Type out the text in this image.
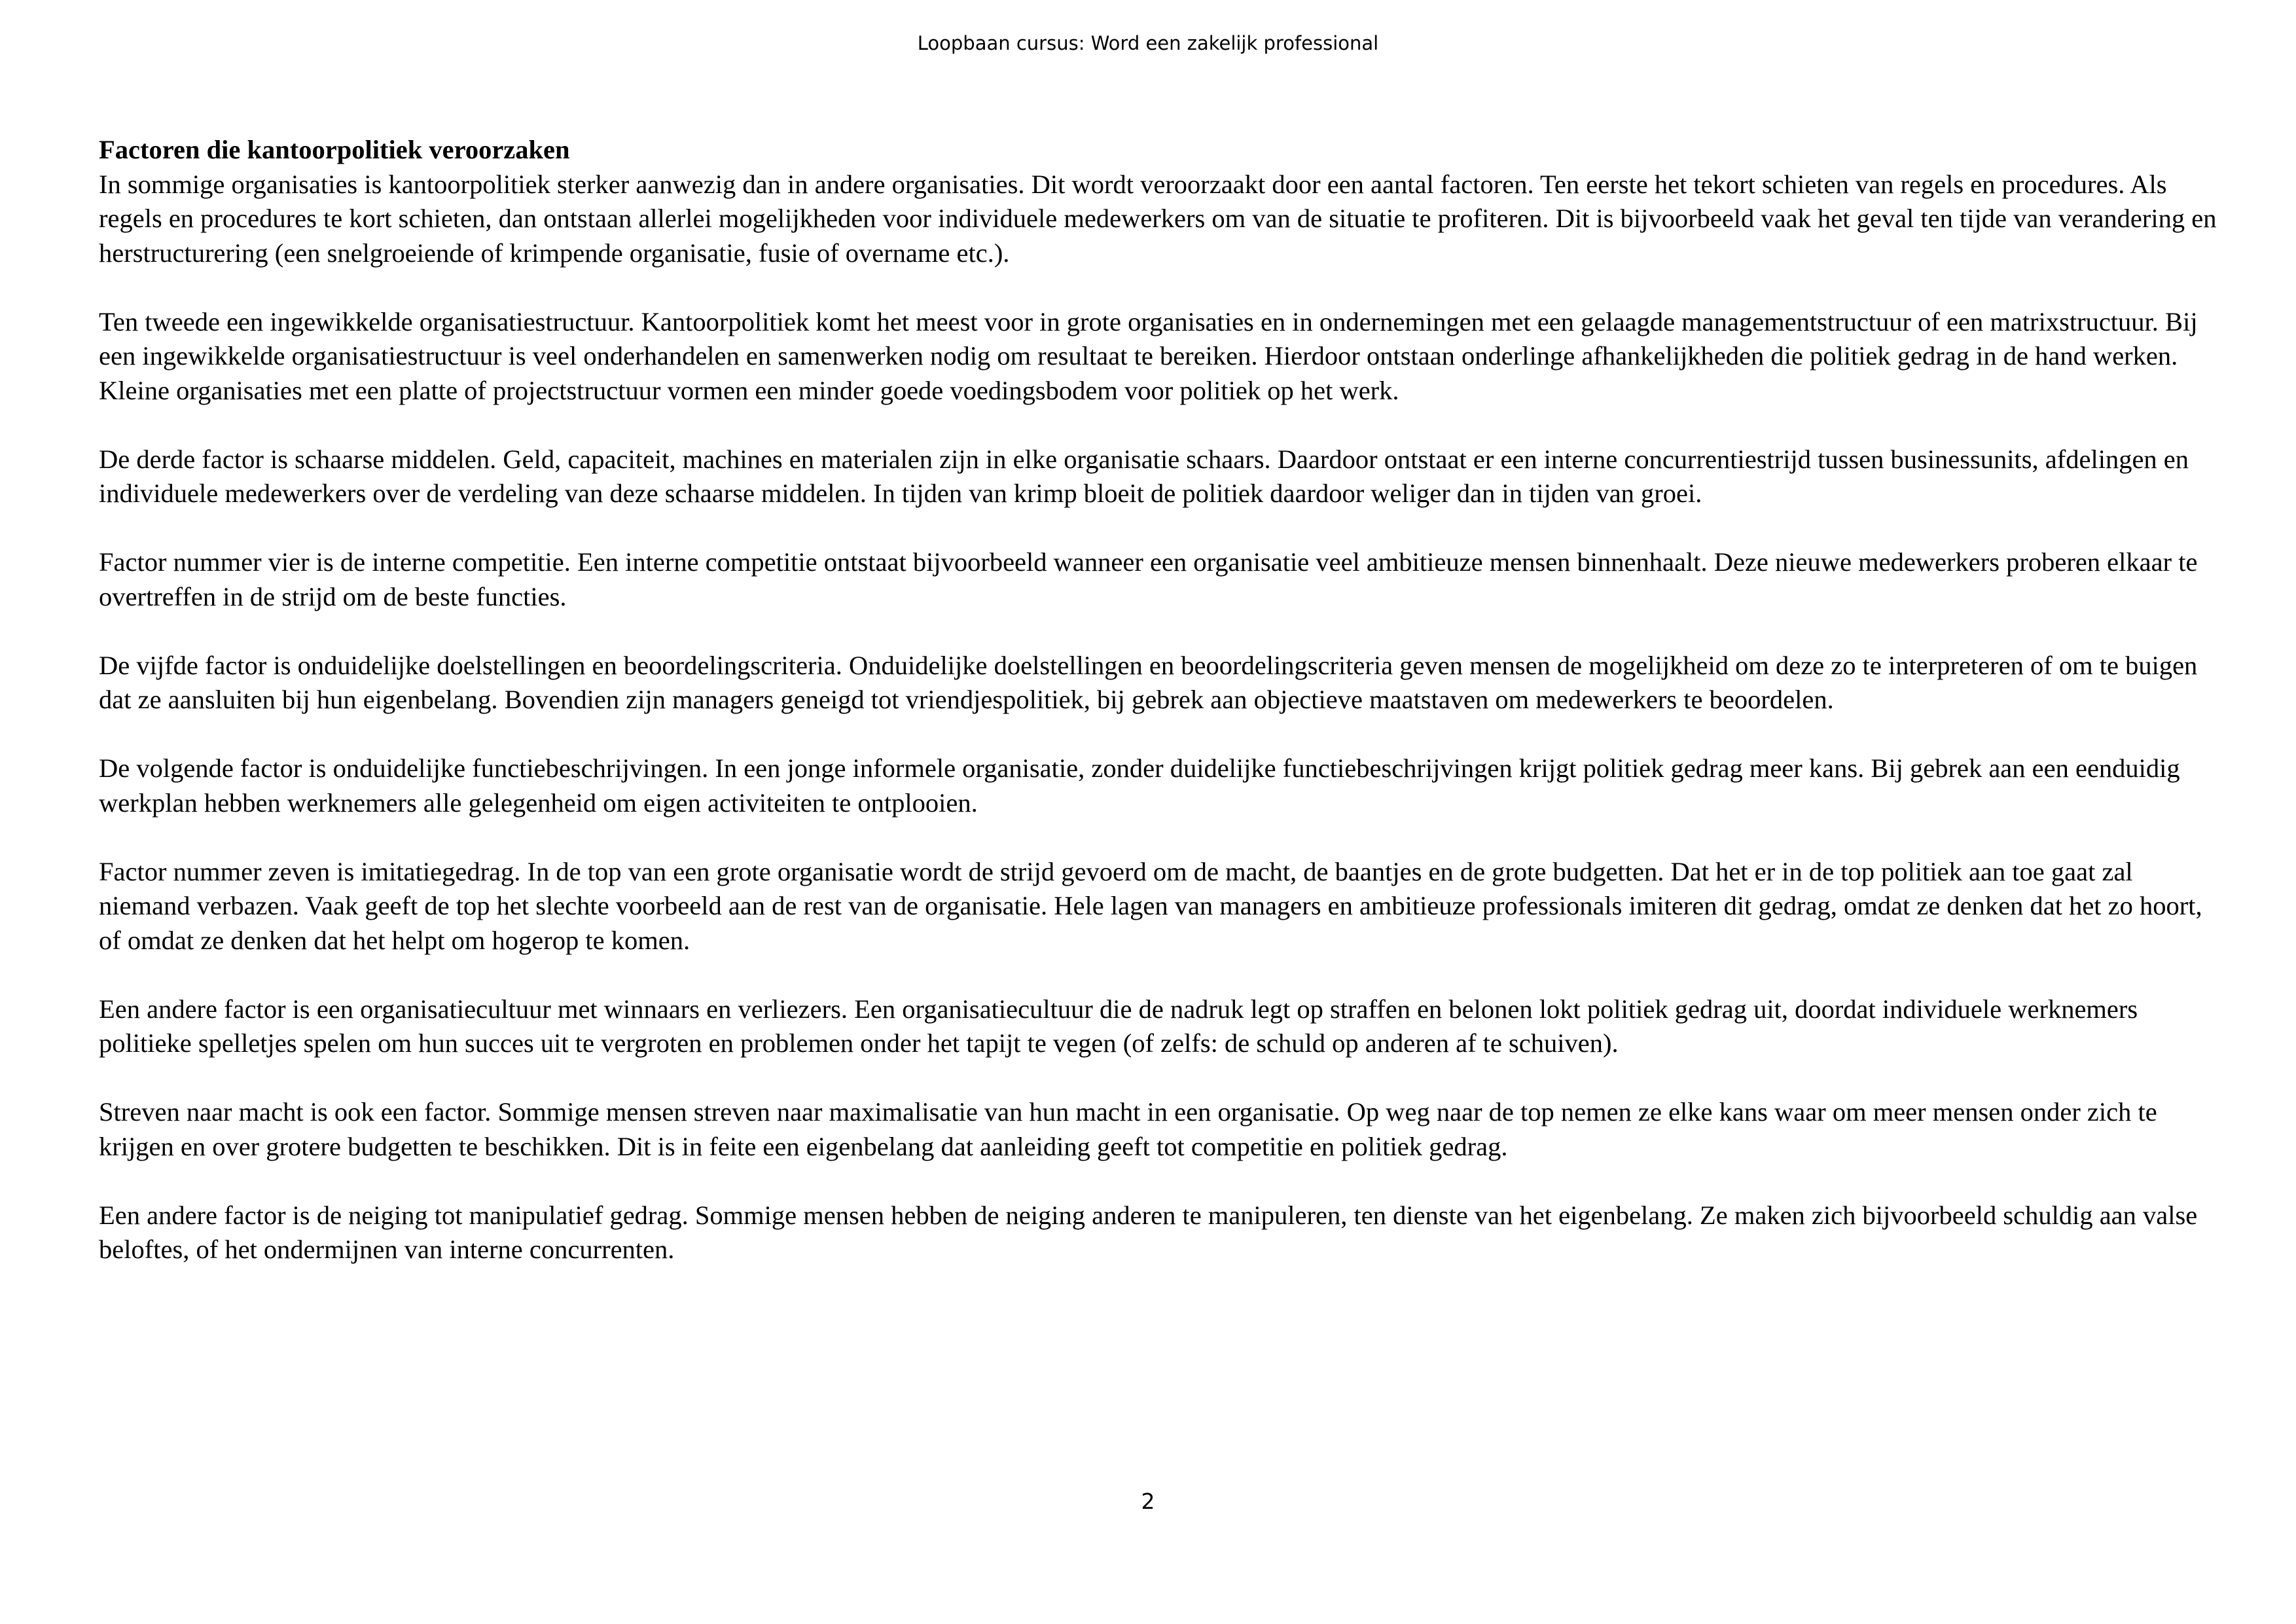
Loopbaan cursus: Word een zakelijk professional

Factoren die kantoorpolitiek veroorzaken

In sommige organisaties is kantoorpolitiek sterker aanwezig dan in andere organisaties. Dit wordt veroorzaakt door een aantal factoren. Ten eerste het tekort schieten van regels en procedures. Als regels en procedures te kort schieten, dan ontstaan allerlei mogelijkheden voor individuele medewerkers om van de situatie te profiteren. Dit is bijvoorbeeld vaak het geval ten tijde van verandering en herstructurering (een snelgroeiende of krimpende organisatie, fusie of overname etc.).

Ten tweede een ingewikkelde organisatiestructuur. Kantoorpolitiek komt het meest voor in grote organisaties en in ondernemingen met een gelaagde managementstructuur of een matrixstructuur. Bij een ingewikkelde organisatiestructuur is veel onderhandelen en samenwerken nodig om resultaat te bereiken. Hierdoor ontstaan onderlinge afhankelijkheden die politiek gedrag in de hand werken. Kleine organisaties met een platte of projectstructuur vormen een minder goede voedingsbodem voor politiek op het werk.

De derde factor is schaarse middelen. Geld, capaciteit, machines en materialen zijn in elke organisatie schaars. Daardoor ontstaat er een interne concurrentiestrijd tussen businessunits, afdelingen en individuele medewerkers over de verdeling van deze schaarse middelen. In tijden van krimp bloeit de politiek daardoor weliger dan in tijden van groei.

Factor nummer vier is de interne competitie. Een interne competitie ontstaat bijvoorbeeld wanneer een organisatie veel ambitieuze mensen binnenhaalt. Deze nieuwe medewerkers proberen elkaar te overtreffen in de strijd om de beste functies.

De vijfde factor is onduidelijke doelstellingen en beoordelingscriteria. Onduidelijke doelstellingen en beoordelingscriteria geven mensen de mogelijkheid om deze zo te interpreteren of om te buigen dat ze aansluiten bij hun eigenbelang. Bovendien zijn managers geneigd tot vriendjespolitiek, bij gebrek aan objectieve maatstaven om medewerkers te beoordelen.

De volgende factor is onduidelijke functiebeschrijvingen. In een jonge informele organisatie, zonder duidelijke functiebeschrijvingen krijgt politiek gedrag meer kans. Bij gebrek aan een eenduidig werkplan hebben werknemers alle gelegenheid om eigen activiteiten te ontplooien.

Factor nummer zeven is imitatiegedrag. In de top van een grote organisatie wordt de strijd gevoerd om de macht, de baantjes en de grote budgetten. Dat het er in de top politiek aan toe gaat zal niemand verbazen. Vaak geeft de top het slechte voorbeeld aan de rest van de organisatie. Hele lagen van managers en ambitieuze professionals imiteren dit gedrag, omdat ze denken dat het zo hoort, of omdat ze denken dat het helpt om hogerop te komen.

Een andere factor is een organisatiecultuur met winnaars en verliezers. Een organisatiecultuur die de nadruk legt op straffen en belonen lokt politiek gedrag uit, doordat individuele werknemers politieke spelletjes spelen om hun succes uit te vergroten en problemen onder het tapijt te vegen (of zelfs: de schuld op anderen af te schuiven).

Streven naar macht is ook een factor. Sommige mensen streven naar maximalisatie van hun macht in een organisatie. Op weg naar de top nemen ze elke kans waar om meer mensen onder zich te krijgen en over grotere budgetten te beschikken. Dit is in feite een eigenbelang dat aanleiding geeft tot competitie en politiek gedrag.

Een andere factor is de neiging tot manipulatief gedrag. Sommige mensen hebben de neiging anderen te manipuleren, ten dienste van het eigenbelang. Ze maken zich bijvoorbeeld schuldig aan valse beloftes, of het ondermijnen van interne concurrenten.

2
